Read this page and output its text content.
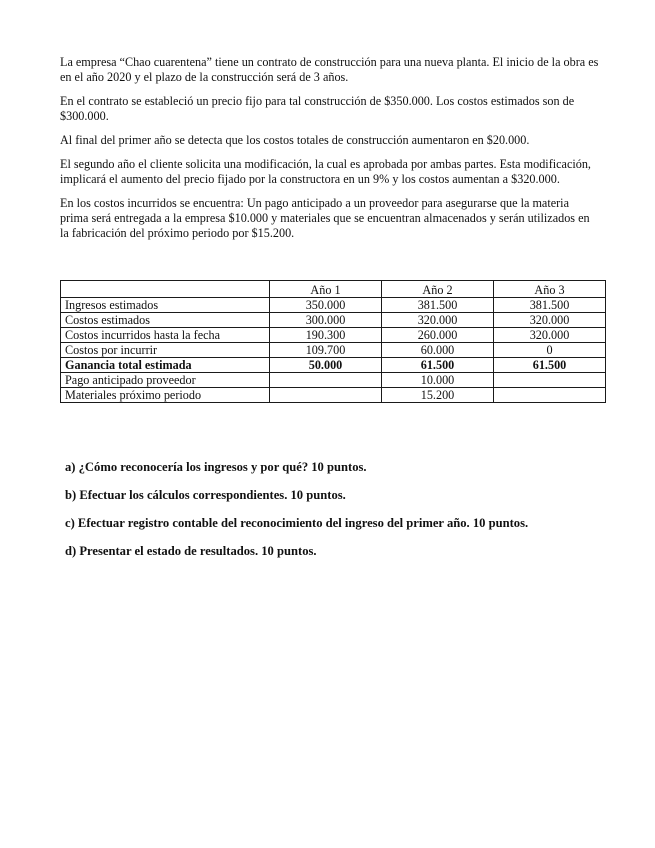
La empresa “Chao cuarentena” tiene un contrato de construcción para una nueva planta. El inicio de la obra es en el año 2020 y el plazo de la construcción será de 3 años.

En el contrato se estableció un precio fijo para tal construcción de $350.000. Los costos estimados son de $300.000.

Al final del primer año se detecta que los costos totales de construcción aumentaron en $20.000.

El segundo año el cliente solicita una modificación, la cual es aprobada por ambas partes. Esta modificación, implicará el aumento del precio fijado por la constructora en un 9% y los costos aumentan a $320.000.

En los costos incurridos se encuentra: Un pago anticipado a un proveedor para asegurarse que la materia prima será entregada a la empresa $10.000 y materiales que se encuentran almacenados y serán utilizados en la fabricación del próximo periodo por $15.200.

	Año 1	Año 2	Año 3
Ingresos estimados	350.000	381.500	381.500
Costos estimados	300.000	320.000	320.000
Costos incurridos hasta la fecha	190.300	260.000	320.000
Costos por incurrir	109.700	60.000	0
Ganancia total estimada	50.000	61.500	61.500
Pago anticipado proveedor		10.000	
Materiales próximo periodo		15.200	

a) ¿Cómo reconocería los ingresos y por qué? 10 puntos.

b) Efectuar los cálculos correspondientes. 10 puntos.

c) Efectuar registro contable del reconocimiento del ingreso del primer año. 10 puntos.

d) Presentar el estado de resultados. 10 puntos.
